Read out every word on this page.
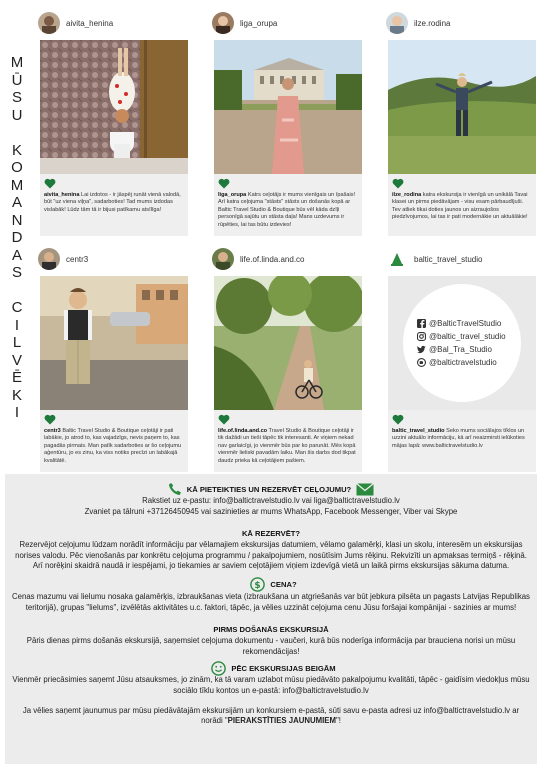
M
Ū
S
U
K
O
M
A
N
D
A
S
C
I
L
V
Ē
K
I
aivita_henina
aivita_henina Lai izdotos - ir jāspēj runāt vienā valodā, būt "uz viena viļņa", sadarboties! Tad mums izdodas vislabāk! Lūdz tām tā ir bijusi patīkamu atsīlīga!
liga_orupa
liga_orupa Katrs ceļotājs ir mums vienīgais un īpašais! Arī katra ceļojuma "stāsts" stāsts un došanās kopā ar Baltic Travel Studio & Boutique būs vēl kāda dzīļi personīgā sajūtu un stāsta daļa! Mans uzdevums ir rūpēties, lai tas būtu izdevies!
ilze.rodina
ilze_rodina katra ekskursija ir vienīgā un unikālā Tavai klasei un pirms piedāvājam - visu esam pārbaudījuši. Tev atliek tikai doties jaunos un aizraujošos piedzīvojumos, lai tas ir pati modernākie un aktuālākie!
centr3
centr3 Baltic Travel Studio & Boutique ceļotāji ir pati labākie, jo atrod to, kas vajadzīgs, nevis paņem to, kas pagadās pirmais. Man patīk sadarboties ar šo ceļojumu aģentūru, jo es zinu, ka viss notiks precīzi un labākajā kvalitātē.
life.of.linda.and.co
life.of.linda.and.co Travel Studio & Boutique ceļotāji ir tik dažādi un tieši tāpēc tik interesanti. Ar viņiem nekad nav garlaicīgi, jo vienmēr būs par ko parunāt. Mēs kopā vienmēr lieliski pavadām laiku. Man šis darbs dod tikpat daudz prieka kā ceļotājiem pašiem.
baltic_travel_studio
@BalticTravelStudio
@baltic_travel_studio
@Bal_Tra_Studio
@baltictravelstudio
baltic_travel_studio Seko mums sociālajos tīklos un uzzini aktuālo informāciju, kā arī neaizmirsti ielūkoties mājas lapā: www.baltictravelstudio.lv
KĀ PIETEIKTIES UN REZERVĒT CEĻOJUMU?
Rakstiet uz e-pastu: info@baltictravelstudio.lv vai liga@baltictravelstudio.lv
Zvaniet pa tālruni +37126450945 vai sazinieties ar mums WhatsApp, Facebook Messenger, Viber vai Skype
KĀ REZERVĒT?
Rezervējot ceļojumu lūdzam norādīt informāciju par vēlamajiem ekskursijas datumiem, vēlamo galamērķi, klasi un skolu, interesēm un ekskursijas norises valodu. Pēc vienošanās par konkrētu ceļojuma programmu / pakalpojumiem, nosūtīsim Jums rēķinu. Rekvizīti un apmaksas termiņš - rēķinā. Arī norēķini skaidrā naudā ir iespējami, jo tiekamies ar saviem ceļotājiem viņiem izdevīgā vietā un laikā pirms ekskursijas sākuma datuma.
$ CENA?
Cenas mazumu vai lielumu nosaka galamērķis, izbraukšanas vieta (izbraukšana un atgriešanās var būt jebkura pilsēta un pagasts Latvijas Republikas teritorijā), grupas "lielums", izvēlētās aktivitātes u.c. faktori, tāpēc, ja vēlies uzzināt ceļojuma cenu Jūsu foršajai kompānijai - sazinies ar mums!
PIRMS DOŠANĀS EKSKURSIJĀ
Pāris dienas pirms došanās ekskursijā, saņemsiet ceļojuma dokumentu - vaučeri, kurā būs noderīga informācija par brauciena norisi un mūsu rekomendācijas!
PĒC EKSKURSIJAS BEIGĀM
Vienmēr priecāsimies saņemt Jūsu atsauksmes, jo zinām, ka tā varam uzlabot mūsu piedāvāto pakalpojumu kvalitāti, tāpēc - gaidīsim viedokļus mūsu sociālo tīklu kontos un e-pastā: info@baltictravelstudio.lv
Ja vēlies saņemt jaunumus par mūsu piedāvātajām ekskursijām un konkursiem e-pastā, sūti savu e-pasta adresi uz info@baltictravelstudio.lv ar norādi "PIERAKSTĪTIES JAUNUMIEM"!
